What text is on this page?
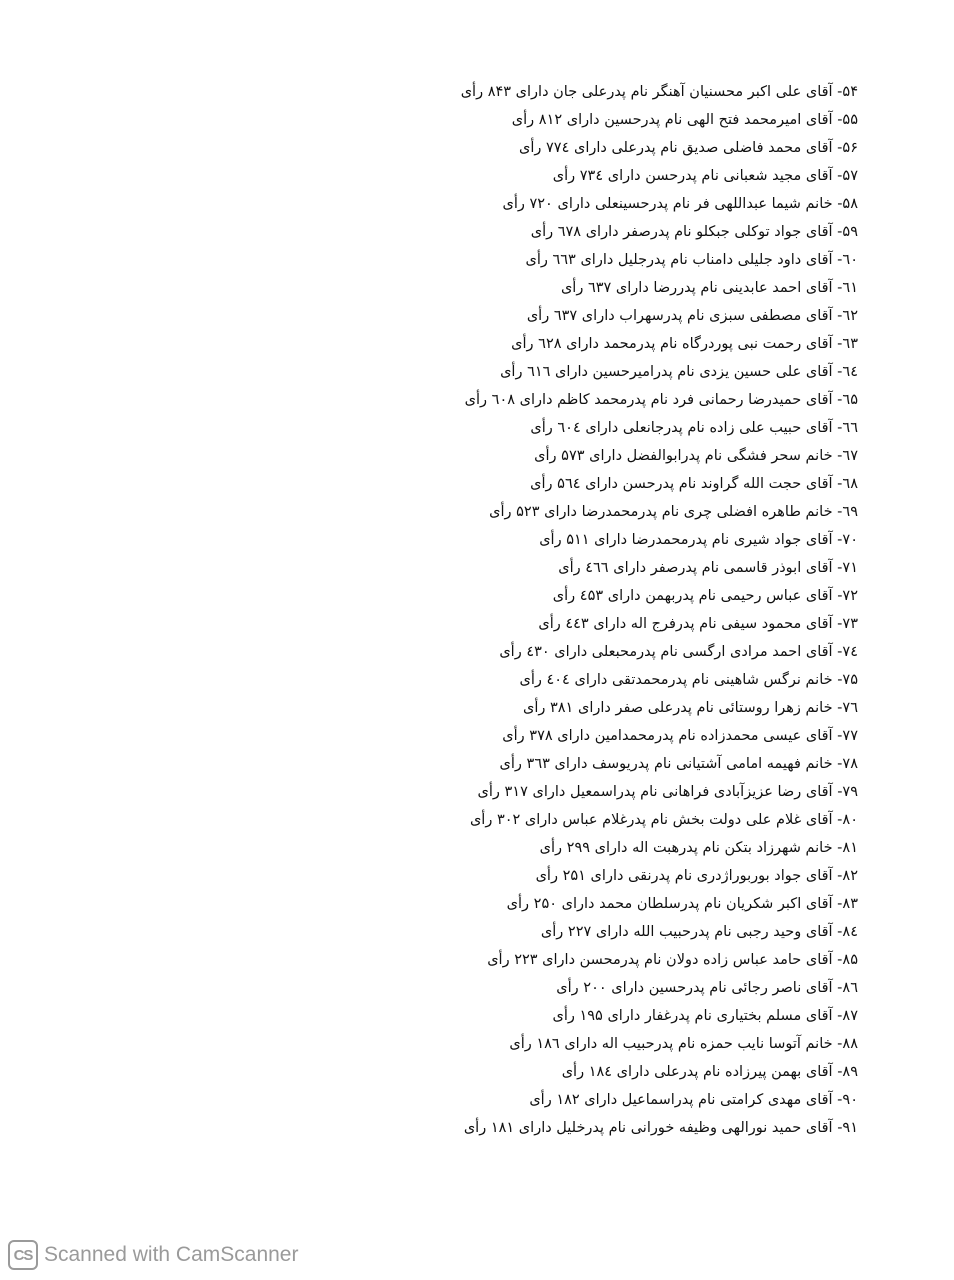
۵۴- آقای علی اکبر محسنیان آهنگر نام پدرعلی جان دارای ۸۴۳ رأی
۵۵- آقای امیرمحمد فتح الهی نام پدرحسین دارای ۸۱۲ رأی
۵۶- آقای محمد فاضلی صدیق نام پدرعلی دارای ۷۷٤ رأی
۵۷- آقای مجید شعبانی نام پدرحسن دارای ۷۳٤ رأی
۵۸- خانم شیما عبداللهی فر نام پدرحسینعلی دارای ۷۲۰ رأی
۵۹- آقای جواد توکلی جبکلو نام پدرصفر دارای ٦۷۸ رأی
٦۰- آقای داود جلیلی دامناب نام پدرجلیل دارای ٦٦۳ رأی
٦۱- آقای احمد عابدینی نام پدررضا دارای ٦۳۷ رأی
٦۲- آقای مصطفی سبزی نام پدرسهراب دارای ٦۳۷ رأی
٦۳- آقای رحمت نبی پوردرگاه نام پدرمحمد دارای ٦۲۸ رأی
٦٤- آقای علی حسین یزدی نام پدرامیرحسین دارای ٦۱٦ رأی
٦۵- آقای حمیدرضا رحمانی فرد نام پدرمحمد کاظم دارای ٦۰۸ رأی
٦٦- آقای حبیب علی زاده نام پدرجانعلی دارای ٦۰٤ رأی
٦۷- خانم سحر فشگی نام پدرابوالفضل دارای ۵۷۳ رأی
٦۸- آقای حجت الله گراوند نام پدرحسن دارای ۵٦٤ رأی
٦۹- خانم طاهره افضلی چری نام پدرمحمدرضا دارای ۵۲۳ رأی
۷۰- آقای جواد شیری نام پدرمحمدرضا دارای ۵۱۱ رأی
۷۱- آقای ابوذر قاسمی نام پدرصفر دارای ٤٦٦ رأی
۷۲- آقای عباس رحیمی نام پدربهمن دارای ٤۵۳ رأی
۷۳- آقای محمود سیفی نام پدرفرج اله دارای ٤٤۳ رأی
۷٤- آقای احمد مرادی ارگسی نام پدرمحبعلی دارای ٤۳۰ رأی
۷۵- خانم نرگس شاهینی نام پدرمحمدتقی دارای ٤۰٤ رأی
۷٦- خانم زهرا روستائی نام پدرعلی صفر دارای ۳۸۱ رأی
۷۷- آقای عیسی محمدزاده نام پدرمحمدامین دارای ۳۷۸ رأی
۷۸- خانم فهیمه امامی آشتیانی نام پدریوسف دارای ۳٦۳ رأی
۷۹- آقای رضا عزیزآبادی فراهانی نام پدراسمعیل دارای ۳۱۷ رأی
۸۰- آقای غلام علی دولت بخش نام پدرغلام عباس دارای ۳۰۲ رأی
۸۱- خانم شهرزاد بتکن نام پدرهبت اله دارای ۲۹۹ رأی
۸۲- آقای جواد بوربوراژدری نام پدرنقی دارای ۲۵۱ رأی
۸۳- آقای اکبر شکریان نام پدرسلطان محمد دارای ۲۵۰ رأی
۸٤- آقای وحید رجبی نام پدرحبیب الله دارای ۲۲۷ رأی
۸۵- آقای حامد عباس زاده دولان نام پدرمحسن دارای ۲۲۳ رأی
۸٦- آقای ناصر رجائی نام پدرحسین دارای ۲۰۰ رأی
۸۷- آقای مسلم بختیاری نام پدرغفار دارای ۱۹۵ رأی
۸۸- خانم آتوسا نایب حمزه نام پدرحبیب اله دارای ۱۸٦ رأی
۸۹- آقای بهمن پیرزاده نام پدرعلی دارای ۱۸٤ رأی
۹۰- آقای مهدی کرامتی نام پدراسماعیل دارای ۱۸۲ رأی
۹۱- آقای حمید نورالهی وظیفه خورانی نام پدرخلیل دارای ۱۸۱ رأی
CS Scanned with CamScanner
